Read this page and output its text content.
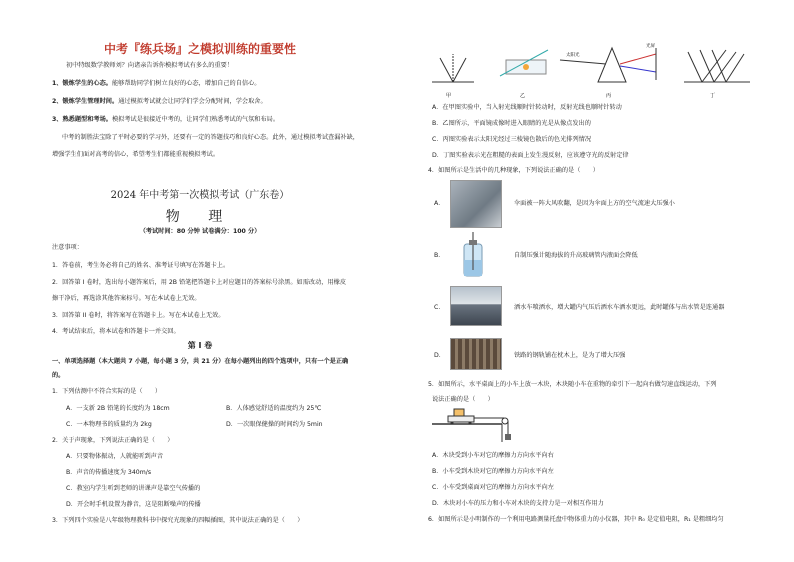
中考『练兵场』之模拟训练的重要性
初中特级数学教师刘？向诸亲告诉你模拟考试有多么的重要！
1、锻炼学生的心态。能够帮助同学们树立良好的心态，增加自己的自信心。
2、锻炼学生管理时间。通过模拟考试就会让同学们学会分配时间，学会取舍。
3、熟悉题型和考场。模拟考试是很接近中考的，让同学们熟悉考试的气氛和布局。
中考的制胜法宝除了平时必要的学习外，还要有一定的答题技巧和良好心态。此外，通过模拟考试查漏补缺，
增强学生们面对高考的信心，希望考生们都能重视模拟考试。
2024 年中考第一次模拟考试（广东卷）
物 理
（考试时间：80 分钟 试卷满分：100 分）
注意事项：
1．答卷前，考生务必将自己的姓名、准考证号填写在答题卡上。
2．回答第 I 卷时，选出每小题答案后，用 2B 铅笔把答题卡上对应题目的答案标号涂黑。如需改动，用橡皮
擦干净后，再选涂其他答案标号。写在本试卷上无效。
3．回答第 II 卷时，将答案写在答题卡上。写在本试卷上无效。
4．考试结束后，将本试卷和答题卡一并交回。
第 I 卷
一、单项选择题（本大题共 7 小题，每小题 3 分，共 21 分）在每小题列出的四个选项中，只有一个是正确
的。
1．下列估测中不符合实际的是（　　）
A．一支新 2B 铅笔的长度约为 18cm	B．人体感觉舒适的温度约为 25℃
C．一本物理书的质量约为 2kg	D．一次眼保健操的时间约为 5min
2．关于声现象，下列说法正确的是（　　）
A．只要物体振动，人就能听到声音
B．声音的传播速度为 340m/s
C．教室内学生听到老师的讲课声是靠空气传播的
D．开会时手机设置为静音，这是阻断噪声的传播
3．下列四个实验是八年级物理教科书中探究光现象的四幅插图，其中说法正确的是（　　）
甲	乙	丙	丁
太阳光
光屏
A．在甲图实验中，当入射光线顺时针转动时，反射光线也顺时针转动
B．乙图所示，平面镜成像时进入眼睛的光是从像点发出的
C．丙图实验表示太阳光经过三棱镜色散后的色光排列情况
D．丁图实验表示光在粗糙的表面上发生漫反射，应该遵守光的反射定律
4．如图所示是生活中的几种现象，下列说法正确的是（　　）
A．	伞面被一阵大风吹翻，是因为伞面上方的空气流速大压强小
B．	自制压强计随海拔的升高玻璃管内液面会降低
C．	洒水车喷洒水，增大罐内气压后洒水车洒水更远，此时罐体与出水管是连通器
D．	铁路的钢轨铺在枕木上，是为了增大压强
5．如图所示，水平桌面上的小车上放一木块，木块随小车在重物的牵引下一起向右做匀速直线运动，下列
说法正确的是（　　）
A．木块受到小车对它的摩擦力方向水平向右
B．小车受到木块对它的摩擦力方向水平向左
C．小车受到桌面对它的摩擦力方向水平向左
D．木块对小车的压力和小车对木块的支持力是一对相互作用力
6．如图所示是小明制作的一个利用电路测量托盘中物体重力的小仪器，其中 R₀ 是定值电阻，R₁ 是粗细均匀
